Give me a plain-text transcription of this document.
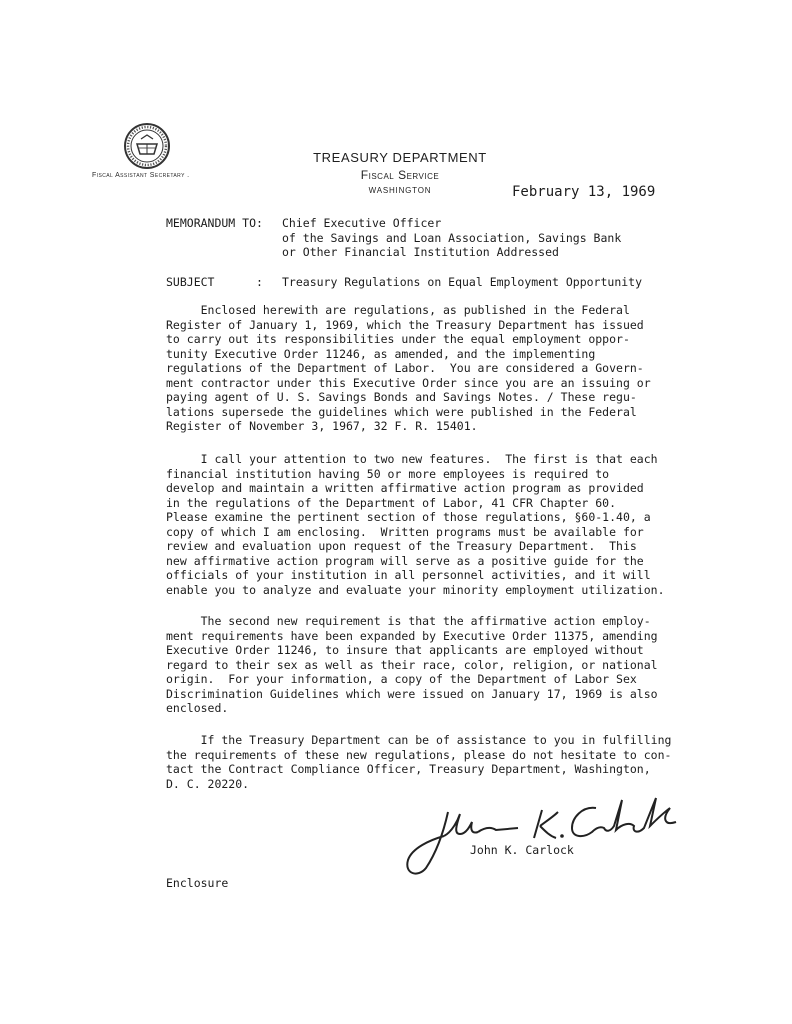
Fiscal Assistant Secretary .
TREASURY DEPARTMENT
Fiscal Service
WASHINGTON	February 13, 1969
MEMORANDUM TO: Chief Executive Officer
of the Savings and Loan Association, Savings Bank
or Other Financial Institution Addressed
SUBJECT      : Treasury Regulations on Equal Employment Opportunity
Enclosed herewith are regulations, as published in the Federal
Register of January 1, 1969, which the Treasury Department has issued
to carry out its responsibilities under the equal employment oppor-
tunity Executive Order 11246, as amended, and the implementing
regulations of the Department of Labor.  You are considered a Govern-
ment contractor under this Executive Order since you are an issuing or
paying agent of U. S. Savings Bonds and Savings Notes. / These regu-
lations supersede the guidelines which were published in the Federal
Register of November 3, 1967, 32 F. R. 15401.
I call your attention to two new features.  The first is that each
financial institution having 50 or more employees is required to
develop and maintain a written affirmative action program as provided
in the regulations of the Department of Labor, 41 CFR Chapter 60.
Please examine the pertinent section of those regulations, §60-1.40, a
copy of which I am enclosing.  Written programs must be available for
review and evaluation upon request of the Treasury Department.  This
new affirmative action program will serve as a positive guide for the
officials of your institution in all personnel activities, and it will
enable you to analyze and evaluate your minority employment utilization.
The second new requirement is that the affirmative action employ-
ment requirements have been expanded by Executive Order 11375, amending
Executive Order 11246, to insure that applicants are employed without
regard to their sex as well as their race, color, religion, or national
origin.  For your information, a copy of the Department of Labor Sex
Discrimination Guidelines which were issued on January 17, 1969 is also
enclosed.
If the Treasury Department can be of assistance to you in fulfilling
the requirements of these new regulations, please do not hesitate to con-
tact the Contract Compliance Officer, Treasury Department, Washington,
D. C. 20220.
John K. Carlock
Enclosure
